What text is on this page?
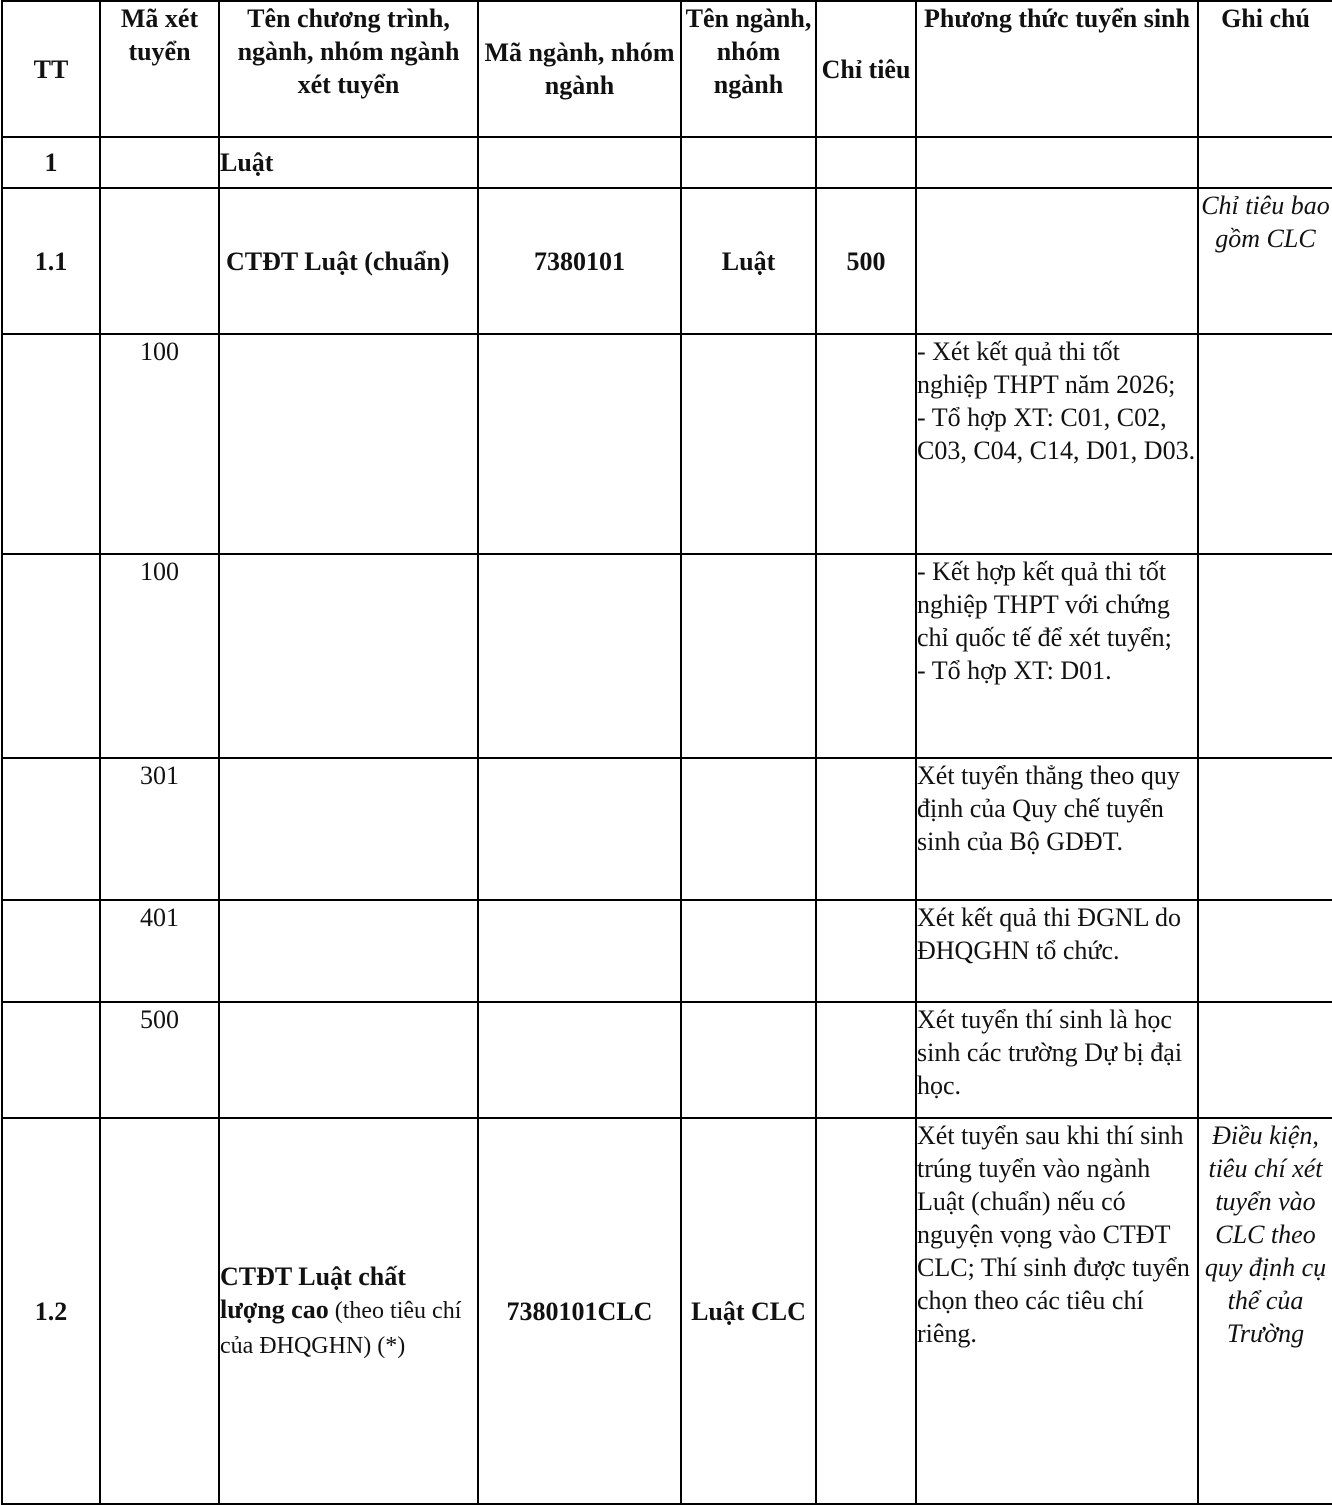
TT	Mã xét tuyển	Tên chương trình, ngành, nhóm ngành xét tuyển	Mã ngành, nhóm ngành	Tên ngành, nhóm ngành	Chỉ tiêu	Phương thức tuyển sinh	Ghi chú
1		Luật					
1.1		CTĐT Luật (chuẩn)	7380101	Luật	500		Chỉ tiêu bao gồm CLC
	100					- Xét kết quả thi tốt nghiệp THPT năm 2026;
- Tổ hợp XT: C01, C02, C03, C04, C14, D01, D03.	
	100					- Kết hợp kết quả thi tốt nghiệp THPT với chứng chỉ quốc tế để xét tuyển;
- Tổ hợp XT: D01.	
	301					Xét tuyển thẳng theo quy định của Quy chế tuyển sinh của Bộ GDĐT.	
	401					Xét kết quả thi ĐGNL do ĐHQGHN tổ chức.	
	500					Xét tuyển thí sinh là học sinh các trường Dự bị đại học.	
1.2		CTĐT Luật chất lượng cao (theo tiêu chí của ĐHQGHN) (*)	7380101CLC	Luật CLC		Xét tuyển sau khi thí sinh trúng tuyển vào ngành Luật (chuẩn) nếu có nguyện vọng vào CTĐT CLC; Thí sinh được tuyển chọn theo các tiêu chí riêng.	Điều kiện, tiêu chí xét tuyển vào CLC theo quy định cụ thể của Trường
